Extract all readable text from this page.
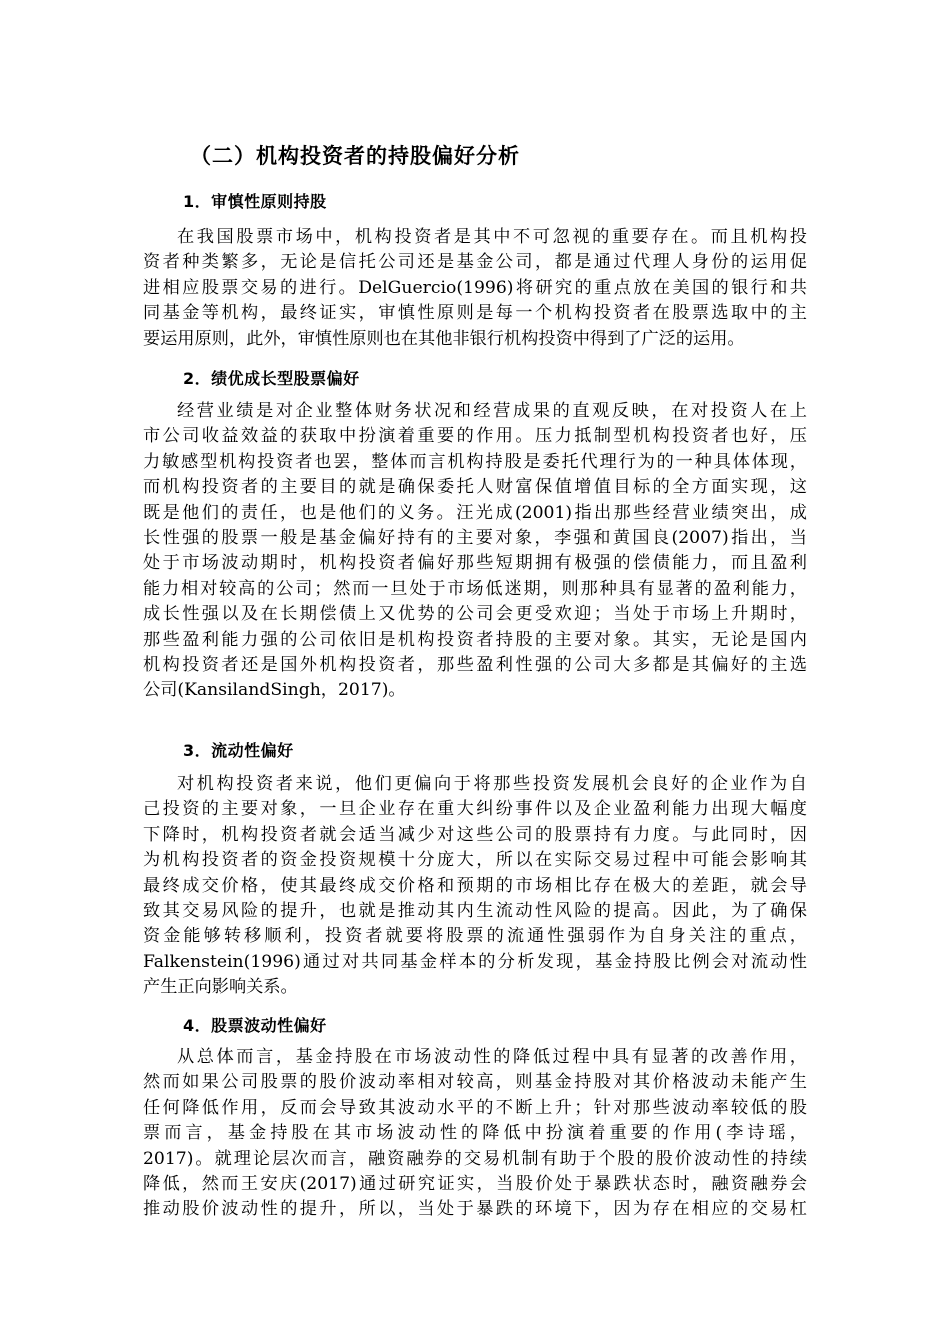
（二）机构投资者的持股偏好分析
1．审慎性原则持股
在我国股票市场中，机构投资者是其中不可忽视的重要存在。而且机构投
资者种类繁多，无论是信托公司还是基金公司，都是通过代理人身份的运用促
进相应股票交易的进行。DelGuercio(1996)将研究的重点放在美国的银行和共
同基金等机构，最终证实，审慎性原则是每一个机构投资者在股票选取中的主
要运用原则，此外，审慎性原则也在其他非银行机构投资中得到了广泛的运用。
2．绩优成长型股票偏好
经营业绩是对企业整体财务状况和经营成果的直观反映，在对投资人在上
市公司收益效益的获取中扮演着重要的作用。压力抵制型机构投资者也好，压
力敏感型机构投资者也罢，整体而言机构持股是委托代理行为的一种具体体现，
而机构投资者的主要目的就是确保委托人财富保值增值目标的全方面实现，这
既是他们的责任，也是他们的义务。汪光成(2001)指出那些经营业绩突出，成
长性强的股票一般是基金偏好持有的主要对象，李强和黄国良(2007)指出，当
处于市场波动期时，机构投资者偏好那些短期拥有极强的偿债能力，而且盈利
能力相对较高的公司；然而一旦处于市场低迷期，则那种具有显著的盈利能力，
成长性强以及在长期偿债上又优势的公司会更受欢迎；当处于市场上升期时，
那些盈利能力强的公司依旧是机构投资者持股的主要对象。其实，无论是国内
机构投资者还是国外机构投资者，那些盈利性强的公司大多都是其偏好的主选
公司(KansilandSingh，2017)。
3．流动性偏好
对机构投资者来说，他们更偏向于将那些投资发展机会良好的企业作为自
己投资的主要对象，一旦企业存在重大纠纷事件以及企业盈利能力出现大幅度
下降时，机构投资者就会适当减少对这些公司的股票持有力度。与此同时，因
为机构投资者的资金投资规模十分庞大，所以在实际交易过程中可能会影响其
最终成交价格，使其最终成交价格和预期的市场相比存在极大的差距，就会导
致其交易风险的提升，也就是推动其内生流动性风险的提高。因此，为了确保
资金能够转移顺利，投资者就要将股票的流通性强弱作为自身关注的重点，
Falkenstein(1996)通过对共同基金样本的分析发现，基金持股比例会对流动性
产生正向影响关系。
4．股票波动性偏好
从总体而言，基金持股在市场波动性的降低过程中具有显著的改善作用，
然而如果公司股票的股价波动率相对较高，则基金持股对其价格波动未能产生
任何降低作用，反而会导致其波动水平的不断上升；针对那些波动率较低的股
票而言，基金持股在其市场波动性的降低中扮演着重要的作用(李诗瑶，
2017)。就理论层次而言，融资融券的交易机制有助于个股的股价波动性的持续
降低，然而王安庆(2017)通过研究证实，当股价处于暴跌状态时，融资融券会
推动股价波动性的提升，所以，当处于暴跌的环境下，因为存在相应的交易杠
